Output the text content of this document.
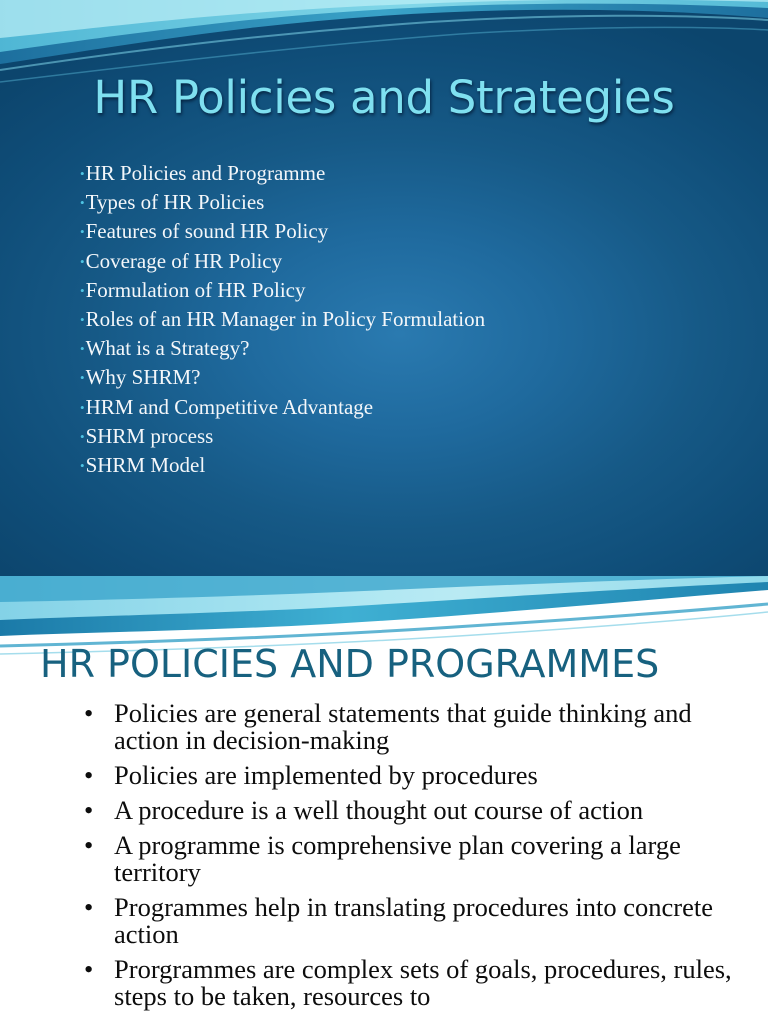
HR Policies and Strategies
•HR Policies and Programme
•Types of HR Policies
•Features of sound HR Policy
•Coverage of HR Policy
•Formulation of HR Policy
•Roles of an HR Manager in Policy Formulation
•What is a Strategy?
•Why SHRM?
•HRM and Competitive Advantage
•SHRM process
•SHRM Model
HR POLICIES AND PROGRAMMES
• Policies are general statements that guide thinking and action in decision-making
• Policies are implemented by procedures
• A procedure is a well thought out course of action
• A programme is comprehensive plan covering a large territory
• Programmes help in translating procedures into concrete action
• Prorgrammes are complex sets of goals, procedures, rules, steps to be taken, resources to
